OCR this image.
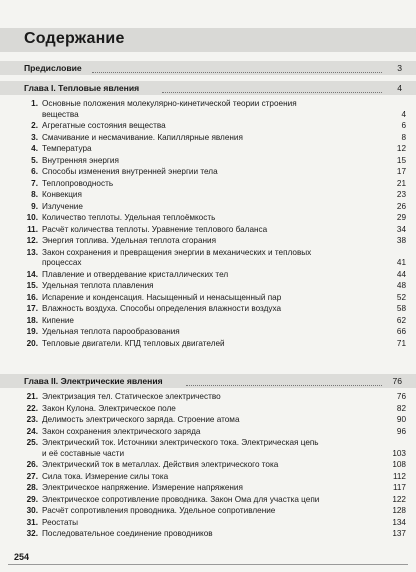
Содержание
Предисловие	3
Глава I. Тепловые явления	4
1. Основные положения молекулярно-кинетической теории строения
вещества	4
2. Агрегатные состояния вещества	6
3. Смачивание и несмачивание. Капиллярные явления	8
4. Температура	12
5. Внутренняя энергия	15
6. Способы изменения внутренней энергии тела	17
7. Теплопроводность	21
8. Конвекция	23
9. Излучение	26
10. Количество теплоты. Удельная теплоёмкость	29
11. Расчёт количества теплоты. Уравнение теплового баланса	34
12. Энергия топлива. Удельная теплота сгорания	38
13. Закон сохранения и превращения энергии в механических и тепловых
процессах	41
14. Плавление и отвердевание кристаллических тел	44
15. Удельная теплота плавления	48
16. Испарение и конденсация. Насыщенный и ненасыщенный пар	52
17. Влажность воздуха. Способы определения влажности воздуха	58
18. Кипение	62
19. Удельная теплота парообразования	66
20. Тепловые двигатели. КПД тепловых двигателей	71
Глава II. Электрические явления	76
21. Электризация тел. Статическое электричество	76
22. Закон Кулона. Электрическое поле	82
23. Делимость электрического заряда. Строение атома	90
24. Закон сохранения электрического заряда	96
25. Электрический ток. Источники электрического тока. Электрическая цепь
и её составные части	103
26. Электрический ток в металлах. Действия электрического тока	108
27. Сила тока. Измерение силы тока	112
28. Электрическое напряжение. Измерение напряжения	117
29. Электрическое сопротивление проводника. Закон Ома для участка цепи	122
30. Расчёт сопротивления проводника. Удельное сопротивление	128
31. Реостаты	134
32. Последовательное соединение проводников	137
254
